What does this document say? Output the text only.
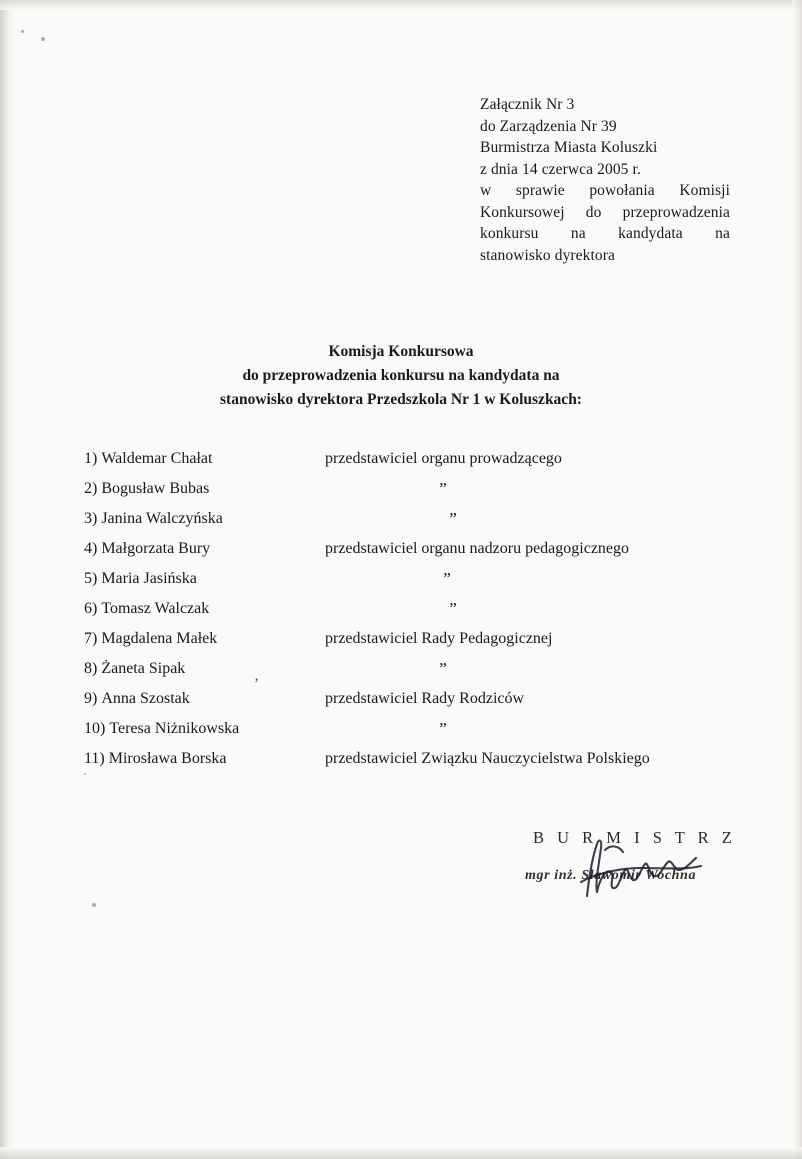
Załącznik Nr 3
do Zarządzenia Nr 39
Burmistrza Miasta Koluszki
z dnia 14 czerwca 2005 r.
w sprawie powołania Komisji
Konkursowej do przeprowadzenia
konkursu na kandydata na
stanowisko dyrektora
Komisja Konkursowa
do przeprowadzenia konkursu na kandydata na
stanowisko dyrektora Przedszkola Nr 1 w Koluszkach:
1) Waldemar Chałat	przedstawiciel organu prowadzącego
2) Bogusław Bubas	”
3) Janina Walczyńska	”
4) Małgorzata Bury	przedstawiciel organu nadzoru pedagogicznego
5) Maria Jasińska	”
6) Tomasz Walczak	”
7) Magdalena Małek	przedstawiciel Rady Pedagogicznej
8) Żaneta Sipak	”
9) Anna Szostak	przedstawiciel Rady Rodziców
10) Teresa Niżnikowska	”
11) Mirosława Borska	przedstawiciel Związku Nauczycielstwa Polskiego
’
B U R M I S T R Z
mgr inż. Sławomir Wochna
